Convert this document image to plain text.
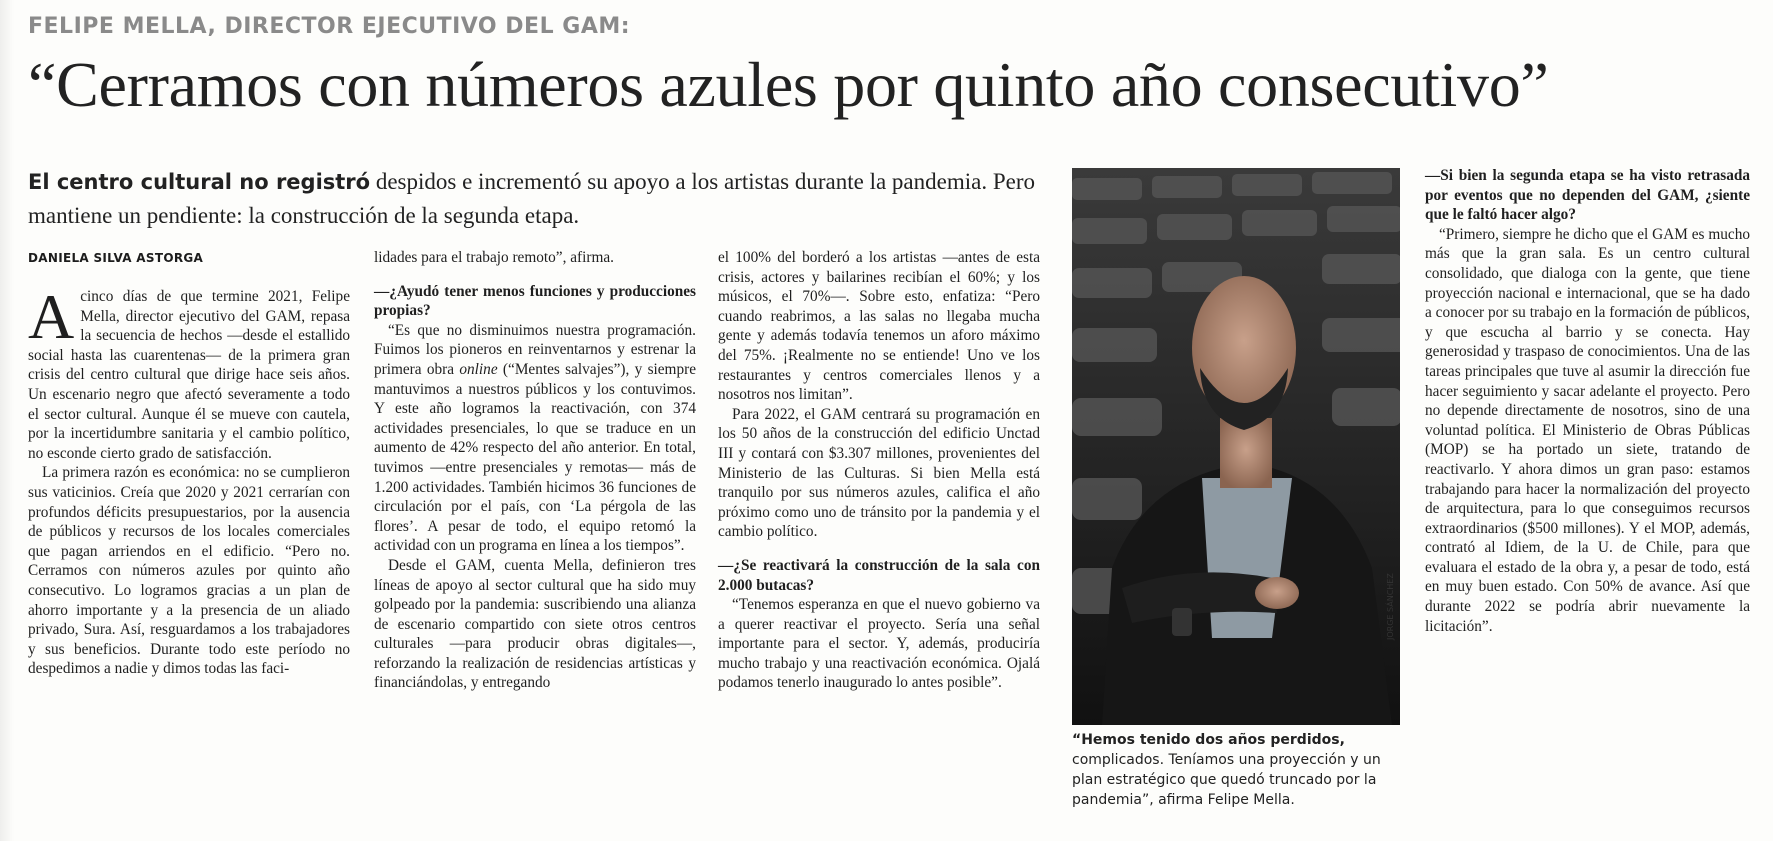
FELIPE MELLA, DIRECTOR EJECUTIVO DEL GAM:
“Cerramos con números azules por quinto año consecutivo”
El centro cultural no registró despidos e incrementó su apoyo a los artistas durante la pandemia. Pero mantiene un pendiente: la construcción de la segunda etapa.
DANIELA SILVA ASTORGA

Acinco días de que termine 2021, Felipe Mella, director ejecutivo del GAM, repasa la secuencia de hechos —desde el estallido social hasta las cuarentenas— de la primera gran crisis del centro cultural que dirige hace seis años. Un escenario negro que afectó severamente a todo el sector cultural. Aunque él se mueve con cautela, por la incertidumbre sanitaria y el cambio político, no esconde cierto grado de satisfacción.

La primera razón es económica: no se cumplieron sus vaticinios. Creía que 2020 y 2021 cerrarían con profundos déficits presupuestarios, por la ausencia de públicos y recursos de los locales comerciales que pagan arriendos en el edificio. “Pero no. Cerramos con números azules por quinto año consecutivo. Lo logramos gracias a un plan de ahorro importante y a la presencia de un aliado privado, Sura. Así, resguardamos a los trabajadores y sus beneficios. Durante todo este período no despedimos a nadie y dimos todas las faci-

lidades para el trabajo remoto”, afirma.

—¿Ayudó tener menos funciones y producciones propias?

“Es que no disminuimos nuestra programación. Fuimos los pioneros en reinventarnos y estrenar la primera obra online (“Mentes salvajes”), y siempre mantuvimos a nuestros públicos y los contuvimos. Y este año logramos la reactivación, con 374 actividades presenciales, lo que se traduce en un aumento de 42% respecto del año anterior. En total, tuvimos —entre presenciales y remotas— más de 1.200 actividades. También hicimos 36 funciones de circulación por el país, con ‘La pérgola de las flores’. A pesar de todo, el equipo retomó la actividad con un programa en línea a los tiempos”.

Desde el GAM, cuenta Mella, definieron tres líneas de apoyo al sector cultural que ha sido muy golpeado por la pandemia: suscribiendo una alianza de escenario compartido con siete otros centros culturales —para producir obras digitales—, reforzando la realización de residencias artísticas y financiándolas, y entregando

el 100% del borderó a los artistas —antes de esta crisis, actores y bailarines recibían el 60%; y los músicos, el 70%—. Sobre esto, enfatiza: “Pero cuando reabrimos, a las salas no llegaba mucha gente y además todavía tenemos un aforo máximo del 75%. ¡Realmente no se entiende! Uno ve los restaurantes y centros comerciales llenos y a nosotros nos limitan”.

Para 2022, el GAM centrará su programación en los 50 años de la construcción del edificio Unctad III y contará con $3.307 millones, provenientes del Ministerio de las Culturas. Si bien Mella está tranquilo por sus números azules, califica el año próximo como uno de tránsito por la pandemia y el cambio político.

—¿Se reactivará la construcción de la sala con 2.000 butacas?

“Tenemos esperanza en que el nuevo gobierno va a querer reactivar el proyecto. Sería una señal importante para el sector. Y, además, produciría mucho trabajo y una reactivación económica. Ojalá podamos tenerlo inaugurado lo antes posible”.

JORGE SÁNCHEZ
“Hemos tenido dos años perdidos, complicados. Teníamos una proyección y un plan estratégico que quedó truncado por la pandemia”, afirma Felipe Mella.

—Si bien la segunda etapa se ha visto retrasada por eventos que no dependen del GAM, ¿siente que le faltó hacer algo?

“Primero, siempre he dicho que el GAM es mucho más que la gran sala. Es un centro cultural consolidado, que dialoga con la gente, que tiene proyección nacional e internacional, que se ha dado a conocer por su trabajo en la formación de públicos, y que escucha al barrio y se conecta. Hay generosidad y traspaso de conocimientos. Una de las tareas principales que tuve al asumir la dirección fue hacer seguimiento y sacar adelante el proyecto. Pero no depende directamente de nosotros, sino de una voluntad política. El Ministerio de Obras Públicas (MOP) se ha portado un siete, tratando de reactivarlo. Y ahora dimos un gran paso: estamos trabajando para hacer la normalización del proyecto de arquitectura, para lo que conseguimos recursos extraordinarios ($500 millones). Y el MOP, además, contrató al Idiem, de la U. de Chile, para que evaluara el estado de la obra y, a pesar de todo, está en muy buen estado. Con 50% de avance. Así que durante 2022 se podría abrir nuevamente la licitación”.
